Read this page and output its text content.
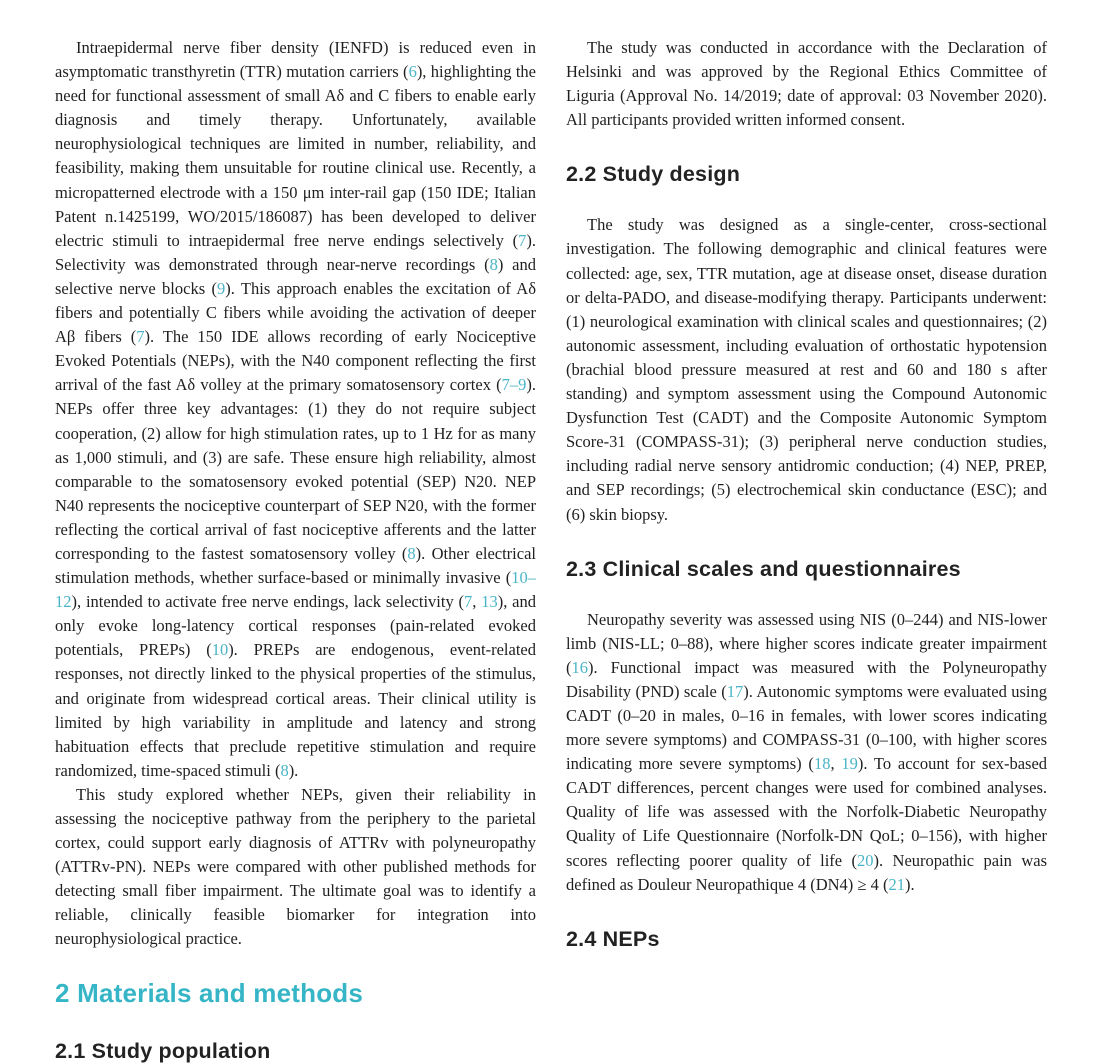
Intraepidermal nerve fiber density (IENFD) is reduced even in asymptomatic transthyretin (TTR) mutation carriers (6), highlighting the need for functional assessment of small Aδ and C fibers to enable early diagnosis and timely therapy. Unfortunately, available neurophysiological techniques are limited in number, reliability, and feasibility, making them unsuitable for routine clinical use. Recently, a micropatterned electrode with a 150 μm inter-rail gap (150 IDE; Italian Patent n.1425199, WO/2015/186087) has been developed to deliver electric stimuli to intraepidermal free nerve endings selectively (7). Selectivity was demonstrated through near-nerve recordings (8) and selective nerve blocks (9). This approach enables the excitation of Aδ fibers and potentially C fibers while avoiding the activation of deeper Aβ fibers (7). The 150 IDE allows recording of early Nociceptive Evoked Potentials (NEPs), with the N40 component reflecting the first arrival of the fast Aδ volley at the primary somatosensory cortex (7–9). NEPs offer three key advantages: (1) they do not require subject cooperation, (2) allow for high stimulation rates, up to 1 Hz for as many as 1,000 stimuli, and (3) are safe. These ensure high reliability, almost comparable to the somatosensory evoked potential (SEP) N20. NEP N40 represents the nociceptive counterpart of SEP N20, with the former reflecting the cortical arrival of fast nociceptive afferents and the latter corresponding to the fastest somatosensory volley (8). Other electrical stimulation methods, whether surface-based or minimally invasive (10–12), intended to activate free nerve endings, lack selectivity (7, 13), and only evoke long-latency cortical responses (pain-related evoked potentials, PREPs) (10). PREPs are endogenous, event-related responses, not directly linked to the physical properties of the stimulus, and originate from widespread cortical areas. Their clinical utility is limited by high variability in amplitude and latency and strong habituation effects that preclude repetitive stimulation and require randomized, time-spaced stimuli (8).

This study explored whether NEPs, given their reliability in assessing the nociceptive pathway from the periphery to the parietal cortex, could support early diagnosis of ATTRv with polyneuropathy (ATTRv-PN). NEPs were compared with other published methods for detecting small fiber impairment. The ultimate goal was to identify a reliable, clinically feasible biomarker for integration into neurophysiological practice.

2 Materials and methods
2.1 Study population

The study was conducted in accordance with the Declaration of Helsinki and was approved by the Regional Ethics Committee of Liguria (Approval No. 14/2019; date of approval: 03 November 2020). All participants provided written informed consent.

2.2 Study design

The study was designed as a single-center, cross-sectional investigation. The following demographic and clinical features were collected: age, sex, TTR mutation, age at disease onset, disease duration or delta-PADO, and disease-modifying therapy. Participants underwent: (1) neurological examination with clinical scales and questionnaires; (2) autonomic assessment, including evaluation of orthostatic hypotension (brachial blood pressure measured at rest and 60 and 180 s after standing) and symptom assessment using the Compound Autonomic Dysfunction Test (CADT) and the Composite Autonomic Symptom Score-31 (COMPASS-31); (3) peripheral nerve conduction studies, including radial nerve sensory antidromic conduction; (4) NEP, PREP, and SEP recordings; (5) electrochemical skin conductance (ESC); and (6) skin biopsy.

2.3 Clinical scales and questionnaires

Neuropathy severity was assessed using NIS (0–244) and NIS-lower limb (NIS-LL; 0–88), where higher scores indicate greater impairment (16). Functional impact was measured with the Polyneuropathy Disability (PND) scale (17). Autonomic symptoms were evaluated using CADT (0–20 in males, 0–16 in females, with lower scores indicating more severe symptoms) and COMPASS-31 (0–100, with higher scores indicating more severe symptoms) (18, 19). To account for sex-based CADT differences, percent changes were used for combined analyses. Quality of life was assessed with the Norfolk-Diabetic Neuropathy Quality of Life Questionnaire (Norfolk-DN QoL; 0–156), with higher scores reflecting poorer quality of life (20). Neuropathic pain was defined as Douleur Neuropathique 4 (DN4) ≥ 4 (21).

2.4 NEPs
